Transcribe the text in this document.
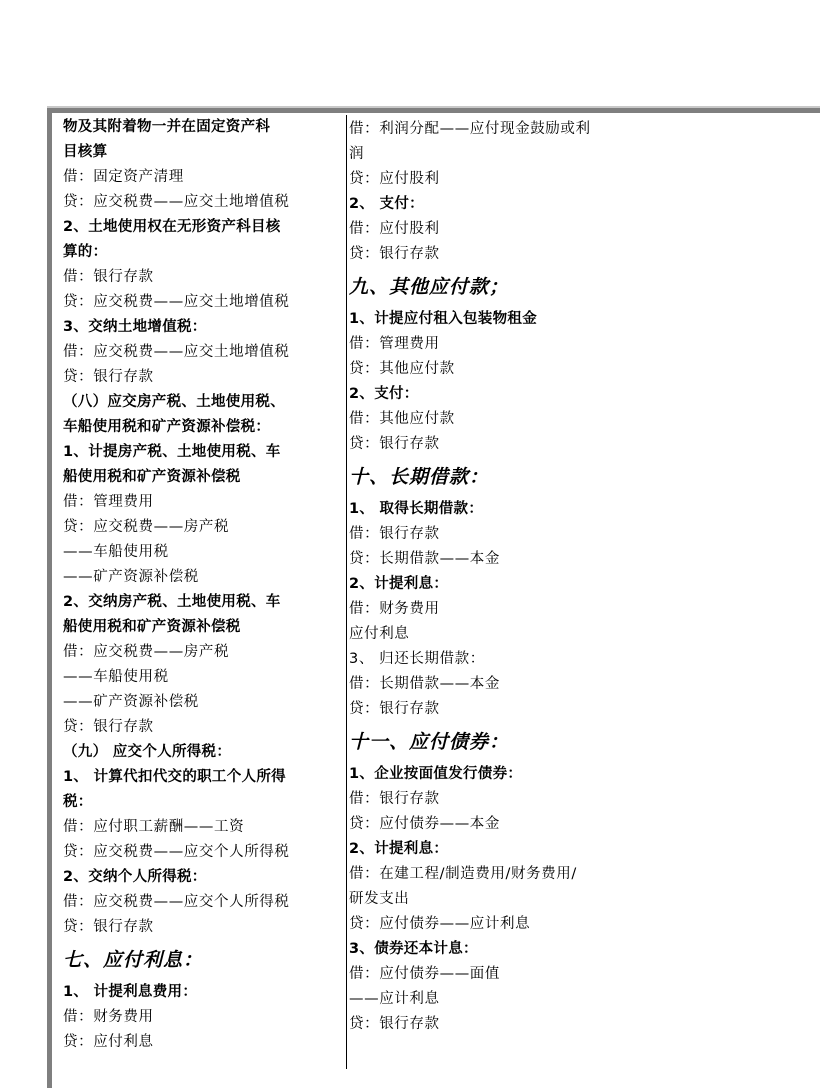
物及其附着物一并在固定资产科
目核算
借：固定资产清理
贷：应交税费——应交土地增值税
2、土地使用权在无形资产科目核
算的：
借：银行存款
贷：应交税费——应交土地增值税
3、交纳土地增值税：
借：应交税费——应交土地增值税
贷：银行存款
（八）应交房产税、土地使用税、
车船使用税和矿产资源补偿税：
1、计提房产税、土地使用税、车
船使用税和矿产资源补偿税
借：管理费用
贷：应交税费——房产税
——车船使用税
——矿产资源补偿税
2、交纳房产税、土地使用税、车
船使用税和矿产资源补偿税
借：应交税费——房产税
——车船使用税
——矿产资源补偿税
贷：银行存款
（九） 应交个人所得税：
1、 计算代扣代交的职工个人所得
税：
借：应付职工薪酬——工资
贷：应交税费——应交个人所得税
2、交纳个人所得税：
借：应交税费——应交个人所得税
贷：银行存款
七、应付利息：
1、 计提利息费用：
借：财务费用
贷：应付利息
借：利润分配——应付现金鼓励或利
润
贷：应付股利
2、 支付：
借：应付股利
贷：银行存款
九、其他应付款；
1、计提应付租入包装物租金
借：管理费用
贷：其他应付款
2、支付：
借：其他应付款
贷：银行存款
十、长期借款：
1、 取得长期借款：
借：银行存款
贷：长期借款——本金
2、计提利息：
借：财务费用
应付利息
3、 归还长期借款：
借：长期借款——本金
贷：银行存款
十一、应付债券：
1、企业按面值发行债券：
借：银行存款
贷：应付债券——本金
2、计提利息：
借：在建工程/制造费用/财务费用/
研发支出
贷：应付债券——应计利息
3、债券还本计息：
借：应付债券——面值
——应计利息
贷：银行存款
